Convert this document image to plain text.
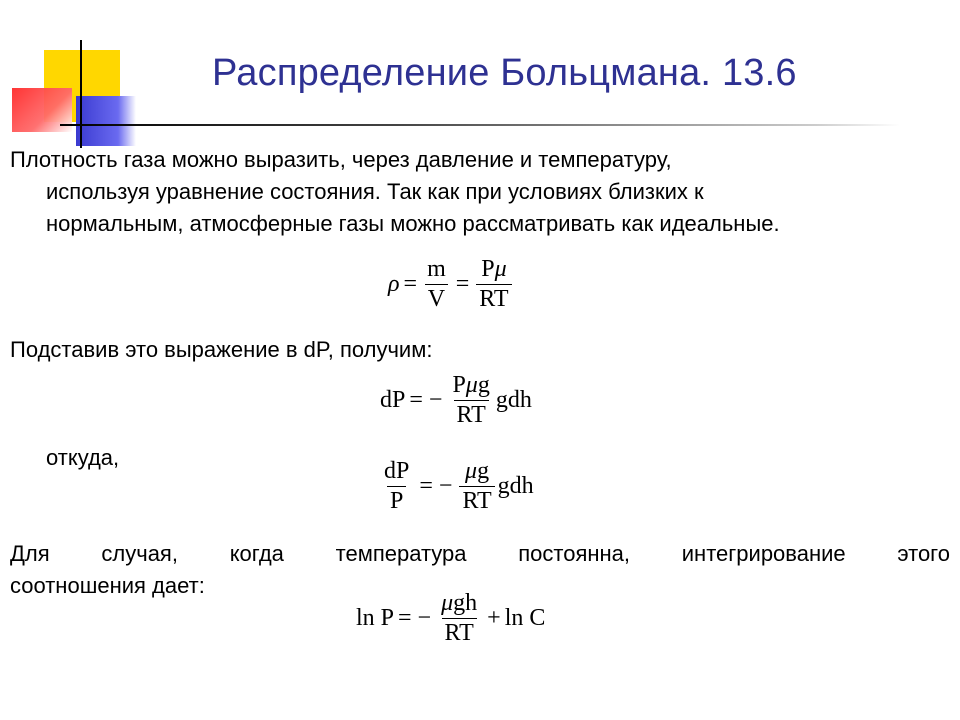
Распределение Больцмана. 13.6
Плотность газа можно выразить, через давление и температуру,
используя уравнение состояния. Так как при условиях близких к
нормальным, атмосферные газы можно рассматривать как идеальные.
$\rho = \frac{m}{V} = \frac{P\mu}{RT}$
Подставив это выражение в dP, получим:
dP = − $\frac{\text{Pμg}}{RT}$ gdh
откуда,
$\frac{dP}{P}$ = − $\frac{\mu g}{RT}$ gdh
Для случая, когда температура постоянна, интегрирование этого
соотношения дает:
ln P = − $\frac{\text{μgh}}{RT} + \ln C$
